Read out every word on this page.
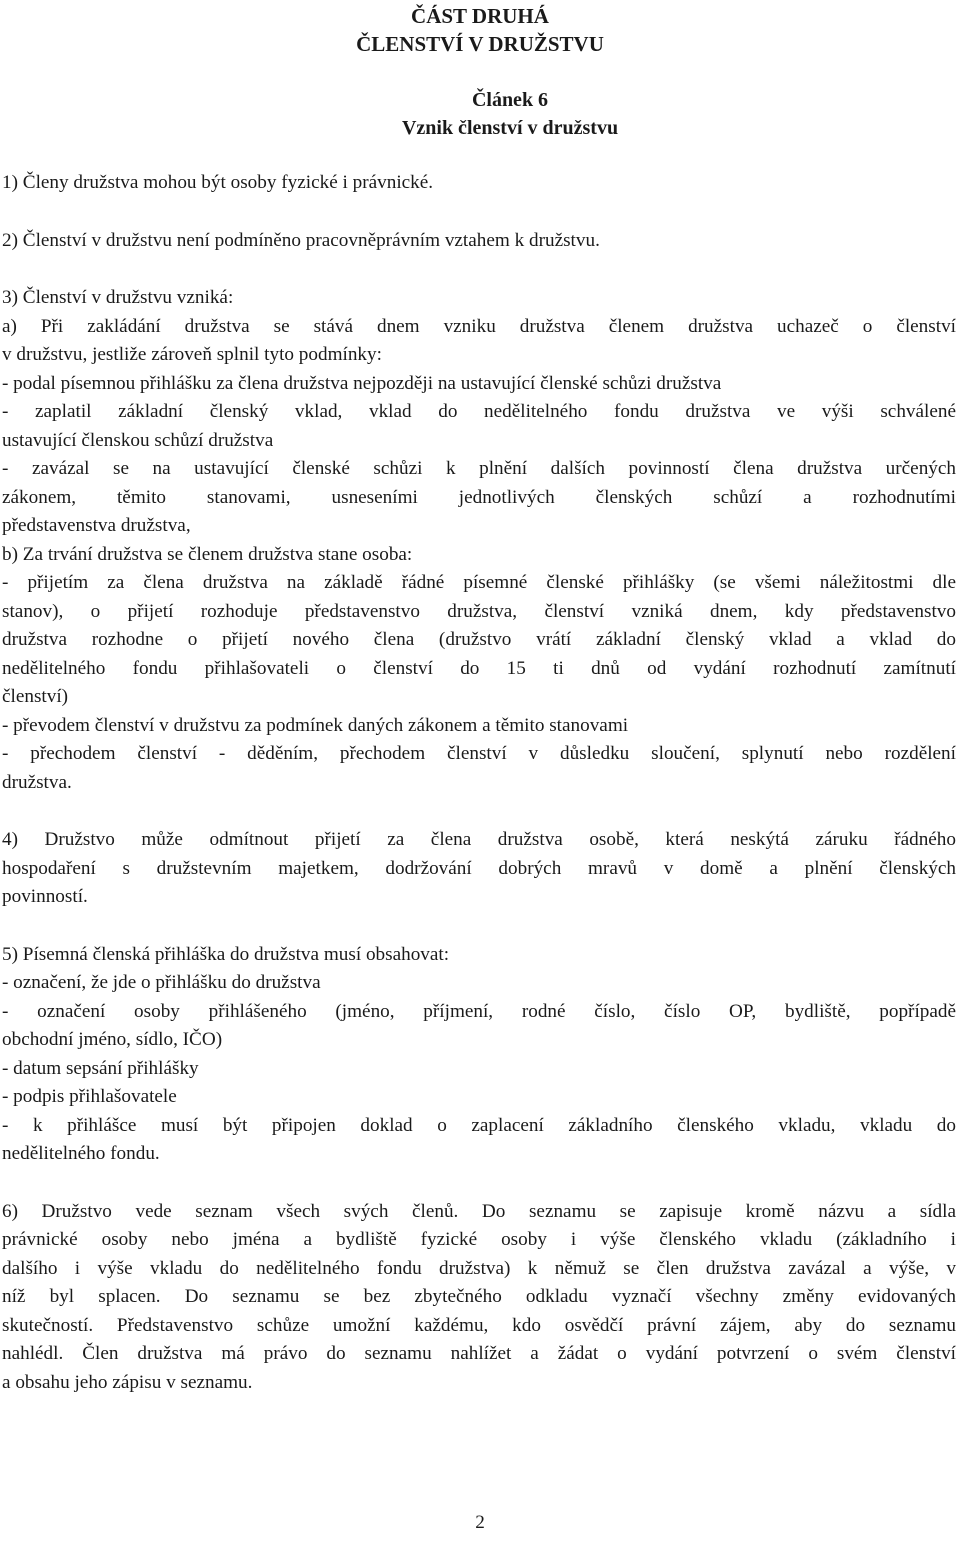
ČÁST DRUHÁ
ČLENSTVÍ V DRUŽSTVU
Článek 6
Vznik členství v družstvu
1) Členy družstva mohou být osoby fyzické i právnické.
2) Členství v družstvu není podmíněno pracovněprávním vztahem k družstvu.
3) Členství v družstvu vzniká:
a) Při zakládání družstva se stává dnem vzniku družstva členem družstva uchazeč o členství
v družstvu, jestliže zároveň splnil tyto podmínky:
- podal písemnou přihlášku za člena družstva nejpozději na ustavující členské schůzi družstva
- zaplatil základní členský vklad, vklad do nedělitelného fondu družstva ve výši schválené
ustavující členskou schůzí družstva
- zavázal se na ustavující členské schůzi k plnění dalších povinností člena družstva určených
zákonem, těmito stanovami, usneseními jednotlivých členských schůzí a rozhodnutími
představenstva družstva,
b) Za trvání družstva se členem družstva stane osoba:
- přijetím za člena družstva na základě řádné písemné členské přihlášky (se všemi náležitostmi dle
stanov), o přijetí rozhoduje představenstvo družstva, členství vzniká dnem, kdy představenstvo
družstva rozhodne o přijetí nového člena (družstvo vrátí základní členský vklad a vklad do
nedělitelného fondu přihlašovateli o členství do 15 ti dnů od vydání rozhodnutí zamítnutí
členství)
- převodem členství v družstvu za podmínek daných zákonem a těmito stanovami
- přechodem členství - děděním, přechodem členství v důsledku sloučení, splynutí nebo rozdělení
družstva.
4) Družstvo může odmítnout přijetí za člena družstva osobě, která neskýtá záruku řádného
hospodaření s družstevním majetkem, dodržování dobrých mravů v domě a plnění členských
povinností.
5) Písemná členská přihláška do družstva musí obsahovat:
- označení, že jde o přihlášku do družstva
- označení osoby přihlášeného (jméno, příjmení, rodné číslo, číslo OP, bydliště, popřípadě
obchodní jméno, sídlo, IČO)
- datum sepsání přihlášky
- podpis přihlašovatele
- k přihlášce musí být připojen doklad o zaplacení základního členského vkladu, vkladu do
nedělitelného fondu.
6) Družstvo vede seznam všech svých členů. Do seznamu se zapisuje kromě názvu a sídla
právnické osoby nebo jména a bydliště fyzické osoby i výše členského vkladu (základního i
dalšího i výše vkladu do nedělitelného fondu družstva) k němuž se člen družstva zavázal a výše, v
níž byl splacen. Do seznamu se bez zbytečného odkladu vyznačí všechny změny evidovaných
skutečností. Představenstvo schůze umožní každému, kdo osvědčí právní zájem, aby do seznamu
nahlédl. Člen družstva má právo do seznamu nahlížet a žádat o vydání potvrzení o svém členství
a obsahu jeho zápisu v seznamu.
2
